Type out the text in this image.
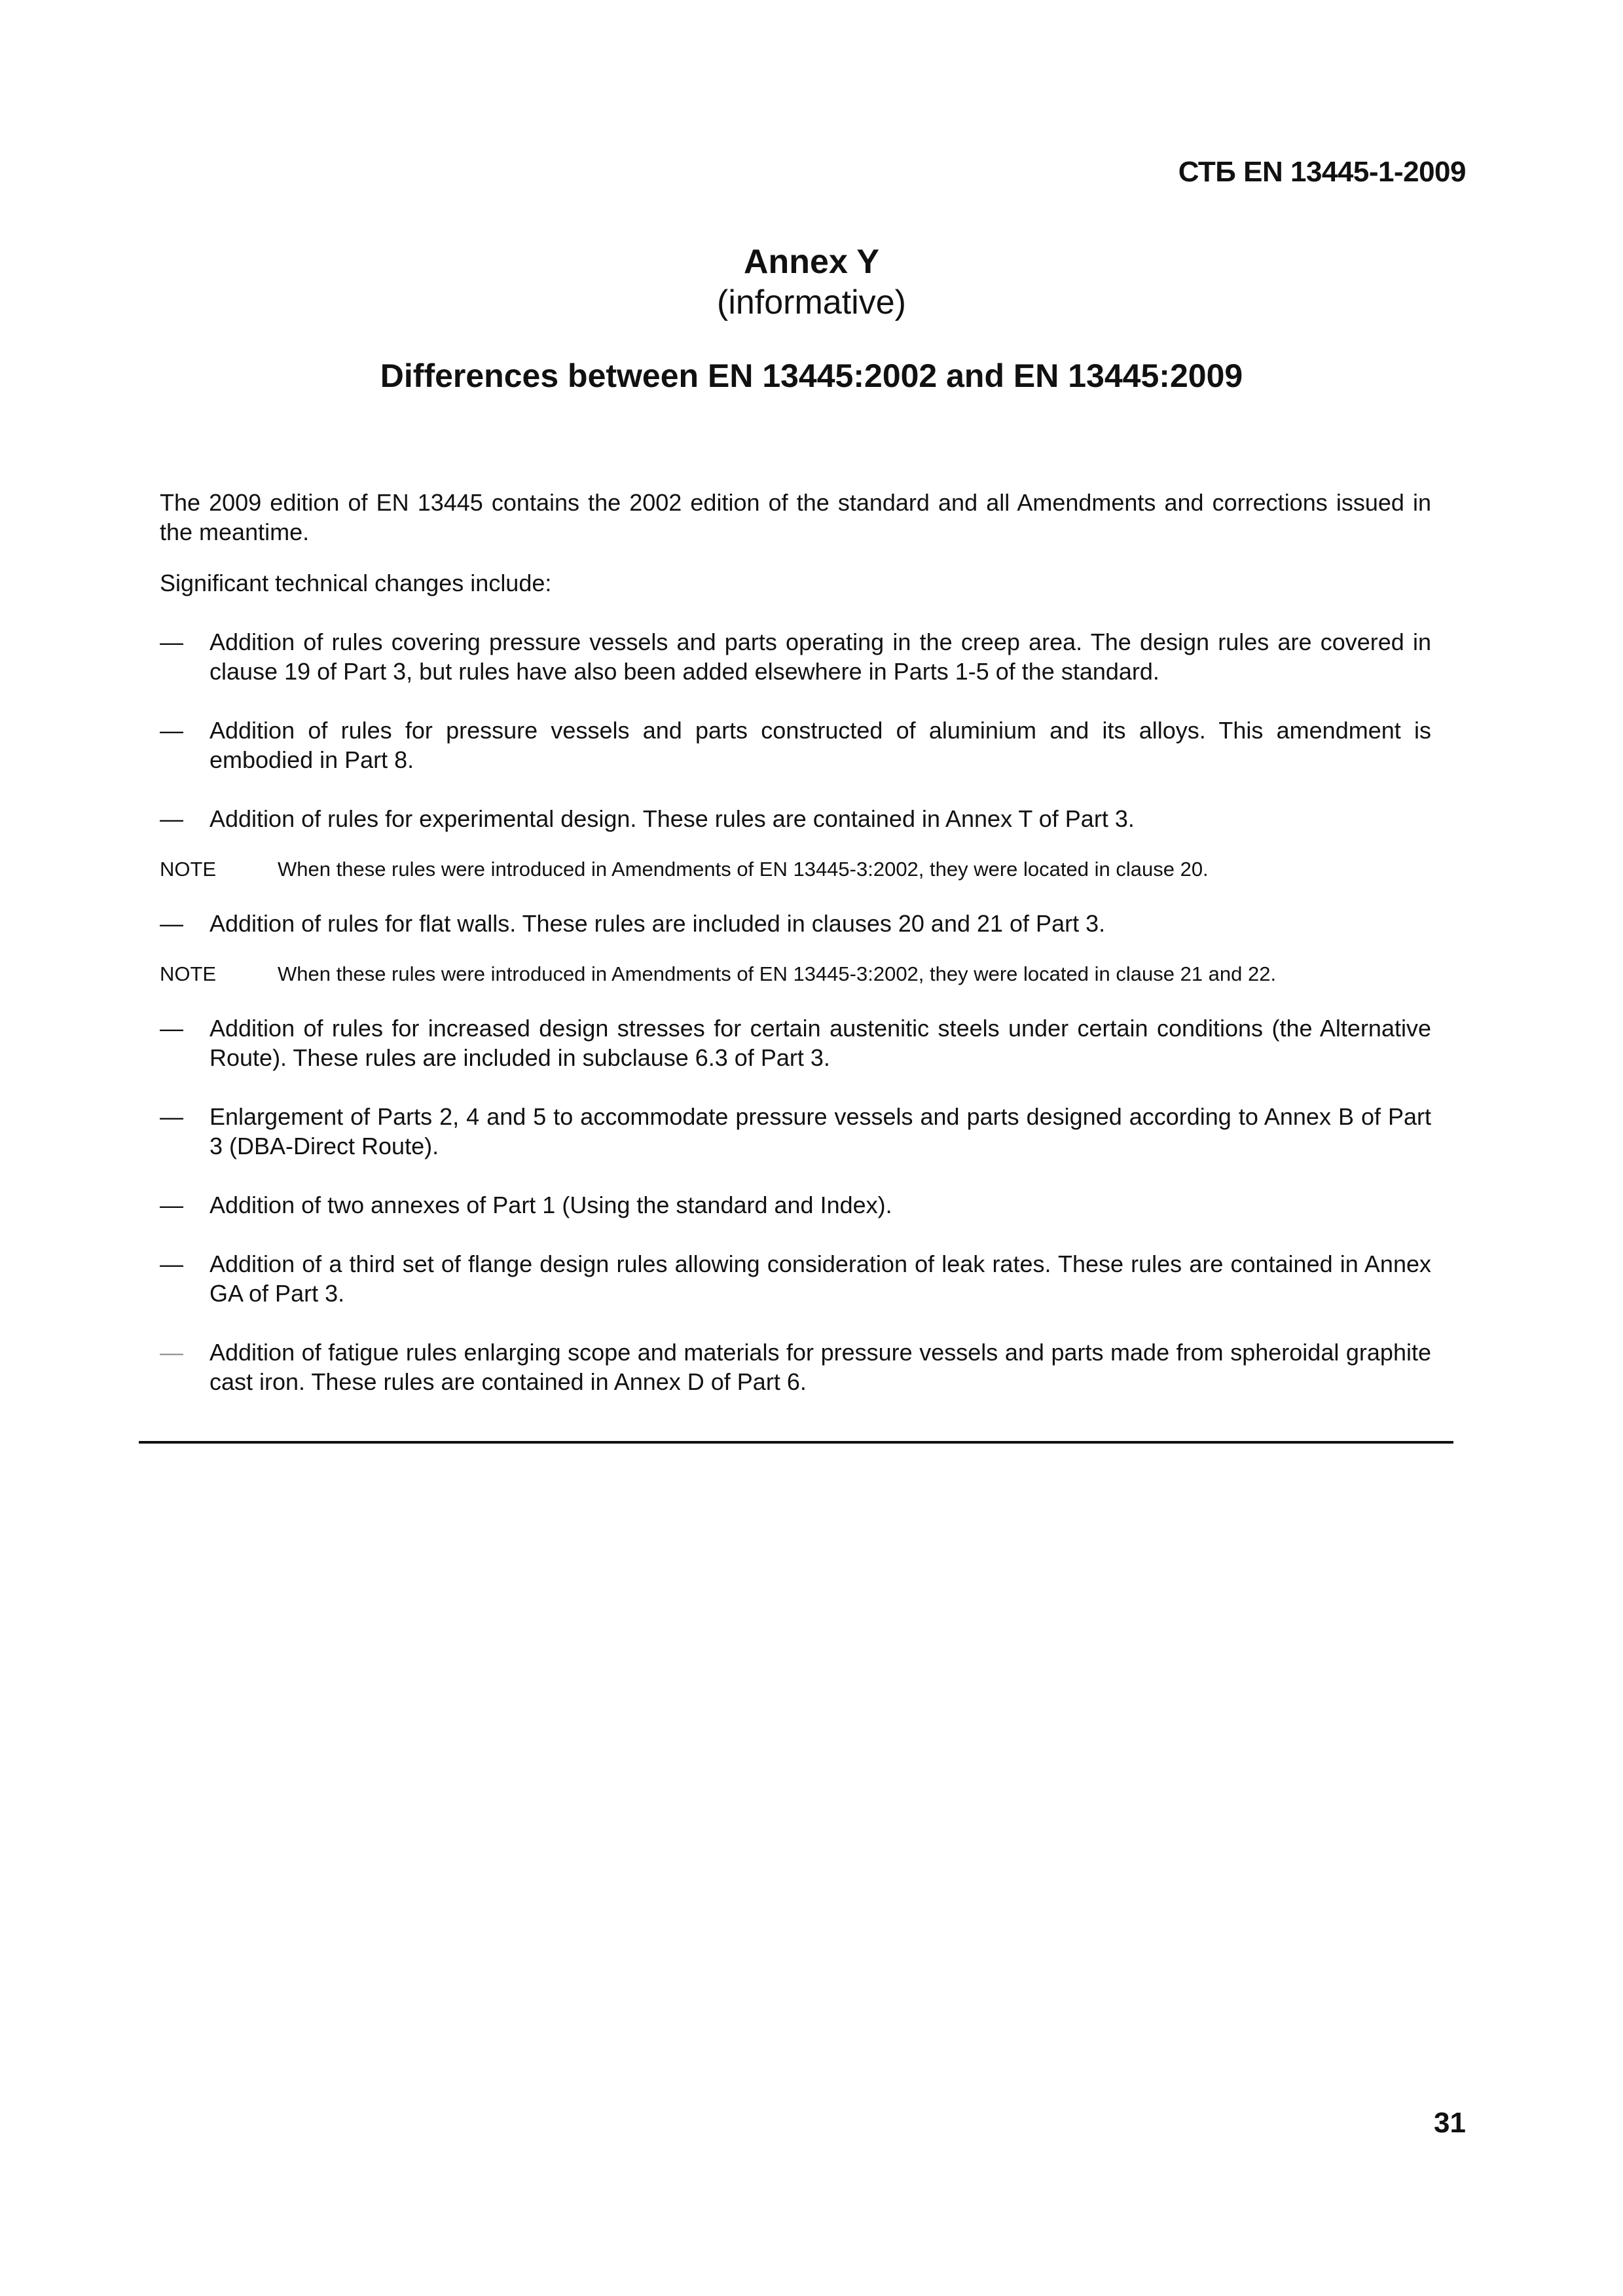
СТБ EN 13445-1-2009
Annex Y
(informative)
Differences between EN 13445:2002 and EN 13445:2009

The 2009 edition of EN 13445 contains the 2002 edition of the standard and all Amendments and corrections issued in the meantime.

Significant technical changes include:

— Addition of rules covering pressure vessels and parts operating in the creep area. The design rules are covered in clause 19 of Part 3, but rules have also been added elsewhere in Parts 1-5 of the standard.
— Addition of rules for pressure vessels and parts constructed of aluminium and its alloys. This amendment is embodied in Part 8.
— Addition of rules for experimental design. These rules are contained in Annex T of Part 3.
NOTE	When these rules were introduced in Amendments of EN 13445-3:2002, they were located in clause 20.
— Addition of rules for flat walls. These rules are included in clauses 20 and 21 of Part 3.
NOTE	When these rules were introduced in Amendments of EN 13445-3:2002, they were located in clause 21 and 22.
— Addition of rules for increased design stresses for certain austenitic steels under certain conditions (the Alternative Route). These rules are included in subclause 6.3 of Part 3.
— Enlargement of Parts 2, 4 and 5 to accommodate pressure vessels and parts designed according to Annex B of Part 3 (DBA-Direct Route).
— Addition of two annexes of Part 1 (Using the standard and Index).
— Addition of a third set of flange design rules allowing consideration of leak rates. These rules are contained in Annex GA of Part 3.
— Addition of fatigue rules enlarging scope and materials for pressure vessels and parts made from spheroidal graphite cast iron. These rules are contained in Annex D of Part 6.
31
